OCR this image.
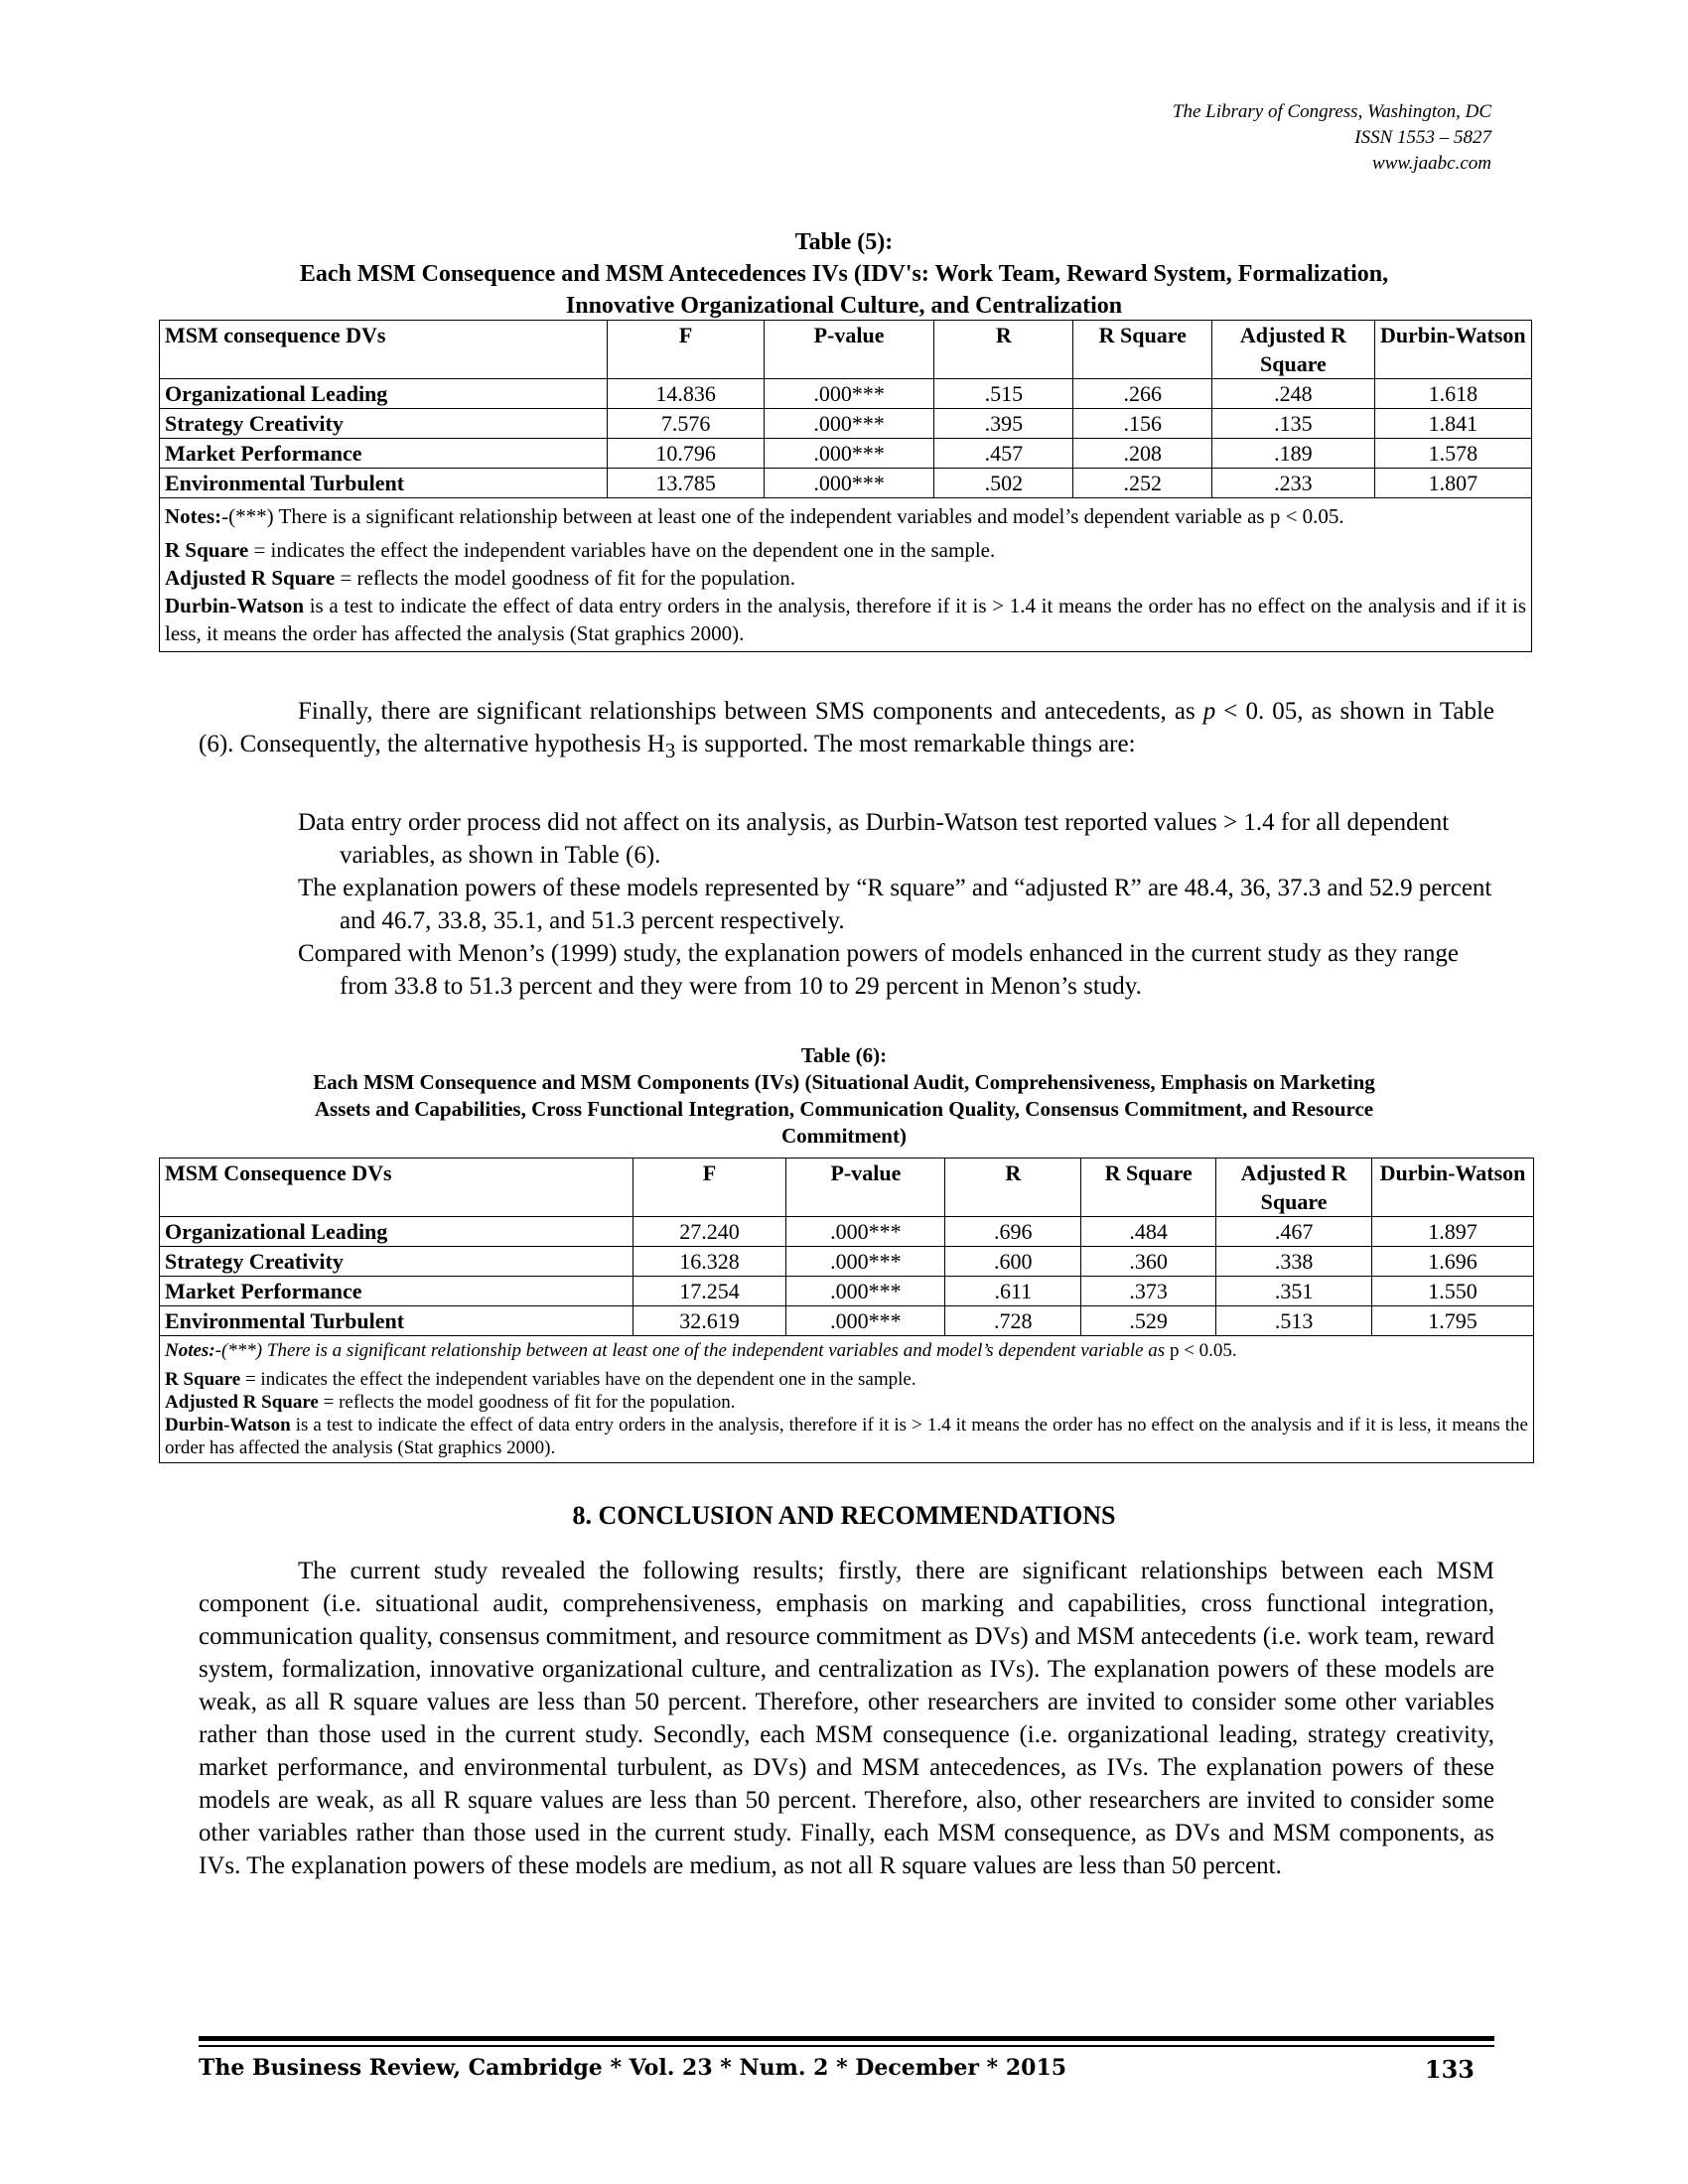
The Library of Congress, Washington, DC
ISSN 1553 – 5827
www.jaabc.com
Table (5):
Each MSM Consequence and MSM Antecedences IVs (IDV's: Work Team, Reward System, Formalization,
Innovative Organizational Culture, and Centralization
MSM consequence DVs	F	P-value	R	R Square	Adjusted R Square	Durbin-Watson
Organizational Leading	14.836	.000***	.515	.266	.248	1.618
Strategy Creativity	7.576	.000***	.395	.156	.135	1.841
Market Performance	10.796	.000***	.457	.208	.189	1.578
Environmental Turbulent	13.785	.000***	.502	.252	.233	1.807

Notes:-(***) There is a significant relationship between at least one of the independent variables and model’s dependent variable as p < 0.05.
R Square = indicates the effect the independent variables have on the dependent one in the sample.
Adjusted R Square = reflects the model goodness of fit for the population.
Durbin-Watson is a test to indicate the effect of data entry orders in the analysis, therefore if it is > 1.4 it means the order has no effect on the analysis and if it is less, it means the order has affected the analysis (Stat graphics 2000).						
Finally, there are significant relationships between SMS components and antecedents, as p < 0. 05, as shown in Table (6). Consequently, the alternative hypothesis $H_3$ is supported. The most remarkable things are:

Data entry order process did not affect on its analysis, as Durbin-Watson test reported values > 1.4 for all dependent variables, as shown in Table (6).

The explanation powers of these models represented by “R square” and “adjusted R” are 48.4, 36, 37.3 and 52.9 percent and 46.7, 33.8, 35.1, and 51.3 percent respectively.

Compared with Menon’s (1999) study, the explanation powers of models enhanced in the current study as they range from 33.8 to 51.3 percent and they were from 10 to 29 percent in Menon’s study.

Table (6):
Each MSM Consequence and MSM Components (IVs) (Situational Audit, Comprehensiveness, Emphasis on Marketing
Assets and Capabilities, Cross Functional Integration, Communication Quality, Consensus Commitment, and Resource
Commitment)
MSM Consequence DVs	F	P-value	R	R Square	Adjusted R Square	Durbin-Watson
Organizational Leading	27.240	.000***	.696	.484	.467	1.897
Strategy Creativity	16.328	.000***	.600	.360	.338	1.696
Market Performance	17.254	.000***	.611	.373	.351	1.550
Environmental Turbulent	32.619	.000***	.728	.529	.513	1.795

Notes:-(***) There is a significant relationship between at least one of the independent variables and model’s dependent variable as p < 0.05.
R Square = indicates the effect the independent variables have on the dependent one in the sample.
Adjusted R Square = reflects the model goodness of fit for the population.
Durbin-Watson is a test to indicate the effect of data entry orders in the analysis, therefore if it is > 1.4 it means the order has no effect on the analysis and if it is less, it means the order has affected the analysis (Stat graphics 2000).						
8. CONCLUSION AND RECOMMENDATIONS
The current study revealed the following results; firstly, there are significant relationships between each MSM component (i.e. situational audit, comprehensiveness, emphasis on marking and capabilities, cross functional integration, communication quality, consensus commitment, and resource commitment as DVs) and MSM antecedents (i.e. work team, reward system, formalization, innovative organizational culture, and centralization as IVs). The explanation powers of these models are weak, as all R square values are less than 50 percent. Therefore, other researchers are invited to consider some other variables rather than those used in the current study. Secondly, each MSM consequence (i.e. organizational leading, strategy creativity, market performance, and environmental turbulent, as DVs) and MSM antecedences, as IVs. The explanation powers of these models are weak, as all R square values are less than 50 percent. Therefore, also, other researchers are invited to consider some other variables rather than those used in the current study. Finally, each MSM consequence, as DVs and MSM components, as IVs. The explanation powers of these models are medium, as not all R square values are less than 50 percent.
The Business Review, Cambridge * Vol. 23 * Num. 2 * December * 2015	133
